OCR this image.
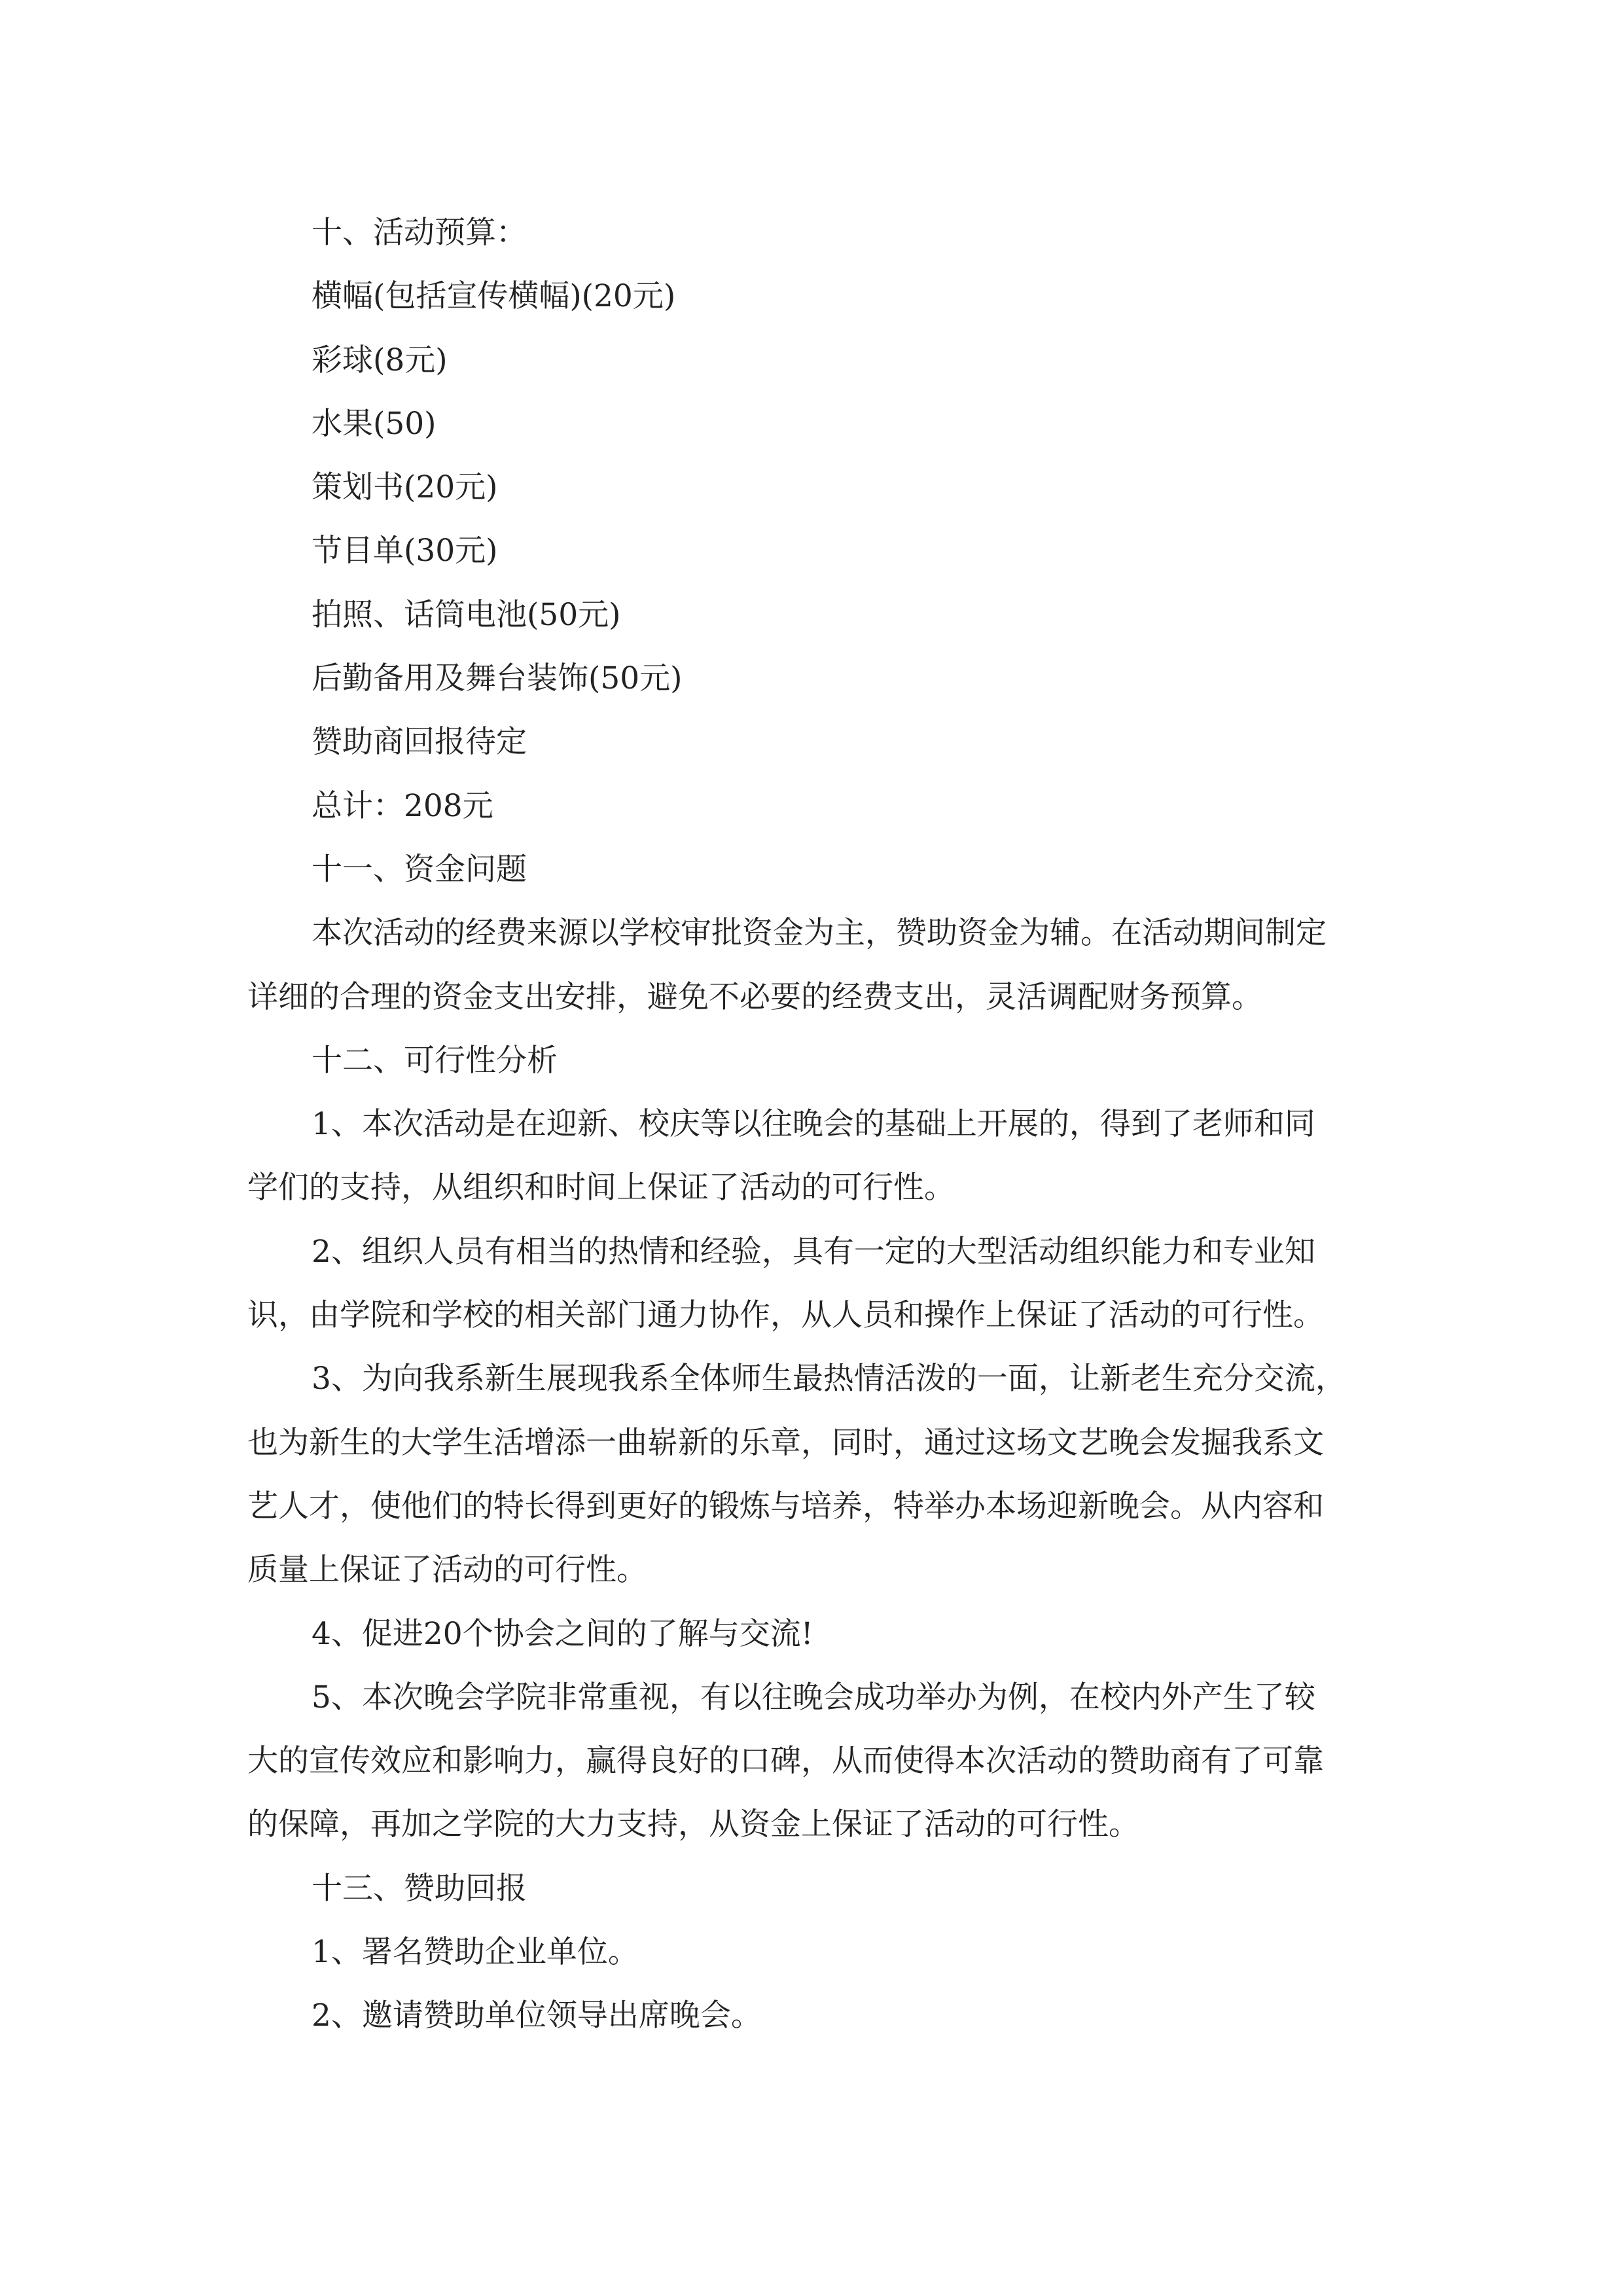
十、活动预算：
横幅(包括宣传横幅)(20元)
彩球(8元)
水果(50)
策划书(20元)
节目单(30元)
拍照、话筒电池(50元)
后勤备用及舞台装饰(50元)
赞助商回报待定
总计：208元
十一、资金问题
本次活动的经费来源以学校审批资金为主，赞助资金为辅。在活动期间制定
详细的合理的资金支出安排，避免不必要的经费支出，灵活调配财务预算。
十二、可行性分析
1、本次活动是在迎新、校庆等以往晚会的基础上开展的，得到了老师和同
学们的支持，从组织和时间上保证了活动的可行性。
2、组织人员有相当的热情和经验，具有一定的大型活动组织能力和专业知
识，由学院和学校的相关部门通力协作，从人员和操作上保证了活动的可行性。
3、为向我系新生展现我系全体师生最热情活泼的一面，让新老生充分交流，
也为新生的大学生活增添一曲崭新的乐章，同时，通过这场文艺晚会发掘我系文
艺人才，使他们的特长得到更好的锻炼与培养，特举办本场迎新晚会。从内容和
质量上保证了活动的可行性。
4、促进20个协会之间的了解与交流!
5、本次晚会学院非常重视，有以往晚会成功举办为例，在校内外产生了较
大的宣传效应和影响力，赢得良好的口碑，从而使得本次活动的赞助商有了可靠
的保障，再加之学院的大力支持，从资金上保证了活动的可行性。
十三、赞助回报
1、署名赞助企业单位。
2、邀请赞助单位领导出席晚会。
